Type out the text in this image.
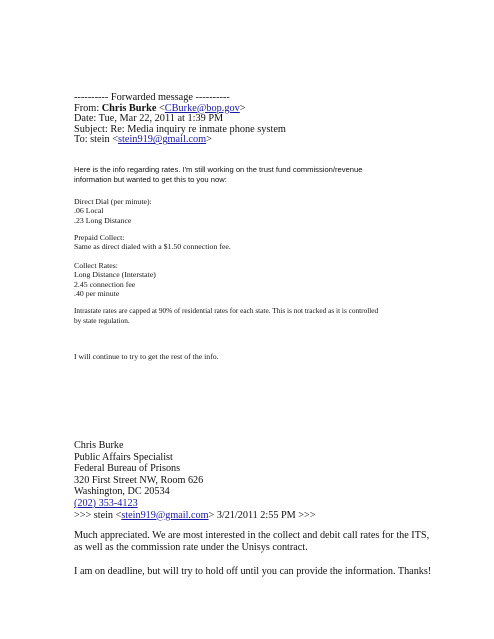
---------- Forwarded message ----------
From: Chris Burke <CBurke@bop.gov>
Date: Tue, Mar 22, 2011 at 1:39 PM
Subject: Re: Media inquiry re inmate phone system
To: stein <stein919@gmail.com>
Here is the info regarding rates. I'm still working on the trust fund commission/revenue
information but wanted to get this to you now:
Direct Dial (per minute):
.06 Local
.23 Long Distance
Prepaid Collect:
Same as direct dialed with a $1.50 connection fee.
Collect Rates:
Long Distance (Interstate)
2.45 connection fee
.40 per minute
Intrastate rates are capped at 90% of residential rates for each state. This is not tracked as it is controlled
by state regulation.
I will continue to try to get the rest of the info.
Chris Burke
Public Affairs Specialist
Federal Bureau of Prisons
320 First Street NW, Room 626
Washington, DC 20534
(202) 353-4123
>>> stein <stein919@gmail.com> 3/21/2011 2:55 PM >>>
Much appreciated. We are most interested in the collect and debit call rates for the ITS,
as well as the commission rate under the Unisys contract.
I am on deadline, but will try to hold off until you can provide the information. Thanks!
